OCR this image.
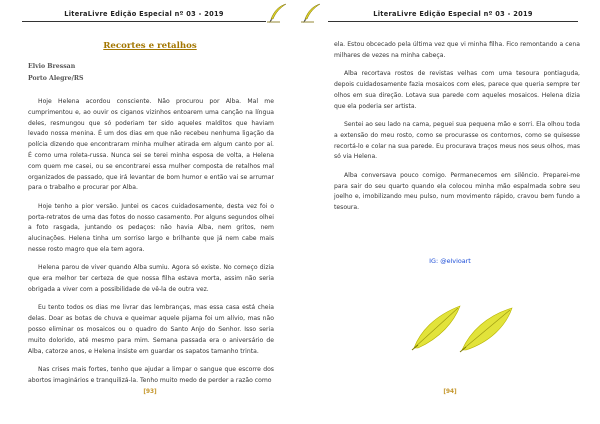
LiteraLivre Edição Especial nº 03 - 2019
Recortes e retalhos
Elvio Bressan
Porto Alegre/RS

Hoje Helena acordou consciente. Não procurou por Alba. Mal me cumprimentou e, ao ouvir os ciganos vizinhos entoarem uma canção na língua deles, resmungou que só poderiam ter sido aqueles malditos que haviam levado nossa menina. É um dos dias em que não recebeu nenhuma ligação da polícia dizendo que encontraram minha mulher atirada em algum canto por aí. É como uma roleta-russa. Nunca sei se terei minha esposa de volta, a Helena com quem me casei, ou se encontrarei essa mulher composta de retalhos mal organizados de passado, que irá levantar de bom humor e então vai se arrumar para o trabalho e procurar por Alba.

Hoje tenho a pior versão. Juntei os cacos cuidadosamente, desta vez foi o porta-retratos de uma das fotos do nosso casamento. Por alguns segundos olhei a foto rasgada, juntando os pedaços: não havia Alba, nem gritos, nem alucinações. Helena tinha um sorriso largo e brilhante que já nem cabe mais nesse rosto magro que ela tem agora.

Helena parou de viver quando Alba sumiu. Agora só existe. No começo dizia que era melhor ter certeza de que nossa filha estava morta, assim não seria obrigada a viver com a possibilidade de vê-la de outra vez.

Eu tento todos os dias me livrar das lembranças, mas essa casa está cheia delas. Doar as botas de chuva e queimar aquele pijama foi um alívio, mas não posso eliminar os mosaicos ou o quadro do Santo Anjo do Senhor. Isso seria muito dolorido, até mesmo para mim. Semana passada era o aniversário de Alba, catorze anos, e Helena insiste em guardar os sapatos tamanho trinta.

Nas crises mais fortes, tenho que ajudar a limpar o sangue que escorre dos abortos imaginários e tranquilizá-la. Tenho muito medo de perder a razão como

[93]
LiteraLivre Edição Especial nº 03 - 2019

ela. Estou obcecado pela última vez que vi minha filha. Fico remontando a cena milhares de vezes na minha cabeça.

Alba recortava rostos de revistas velhas com uma tesoura pontiaguda, depois cuidadosamente fazia mosaicos com eles, parece que queria sempre ter olhos em sua direção. Lotava sua parede com aqueles mosaicos. Helena dizia que ela poderia ser artista.

Sentei ao seu lado na cama, peguei sua pequena mão e sorri. Ela olhou toda a extensão do meu rosto, como se procurasse os contornos, como se quisesse recortá-lo e colar na sua parede. Eu procurava traços meus nos seus olhos, mas só via Helena.

Alba conversava pouco comigo. Permanecemos em silêncio. Preparei-me para sair do seu quarto quando ela colocou minha mão espalmada sobre seu joelho e, imobilizando meu pulso, num movimento rápido, cravou bem fundo a tesoura.

IG: @elvioart
[94]
